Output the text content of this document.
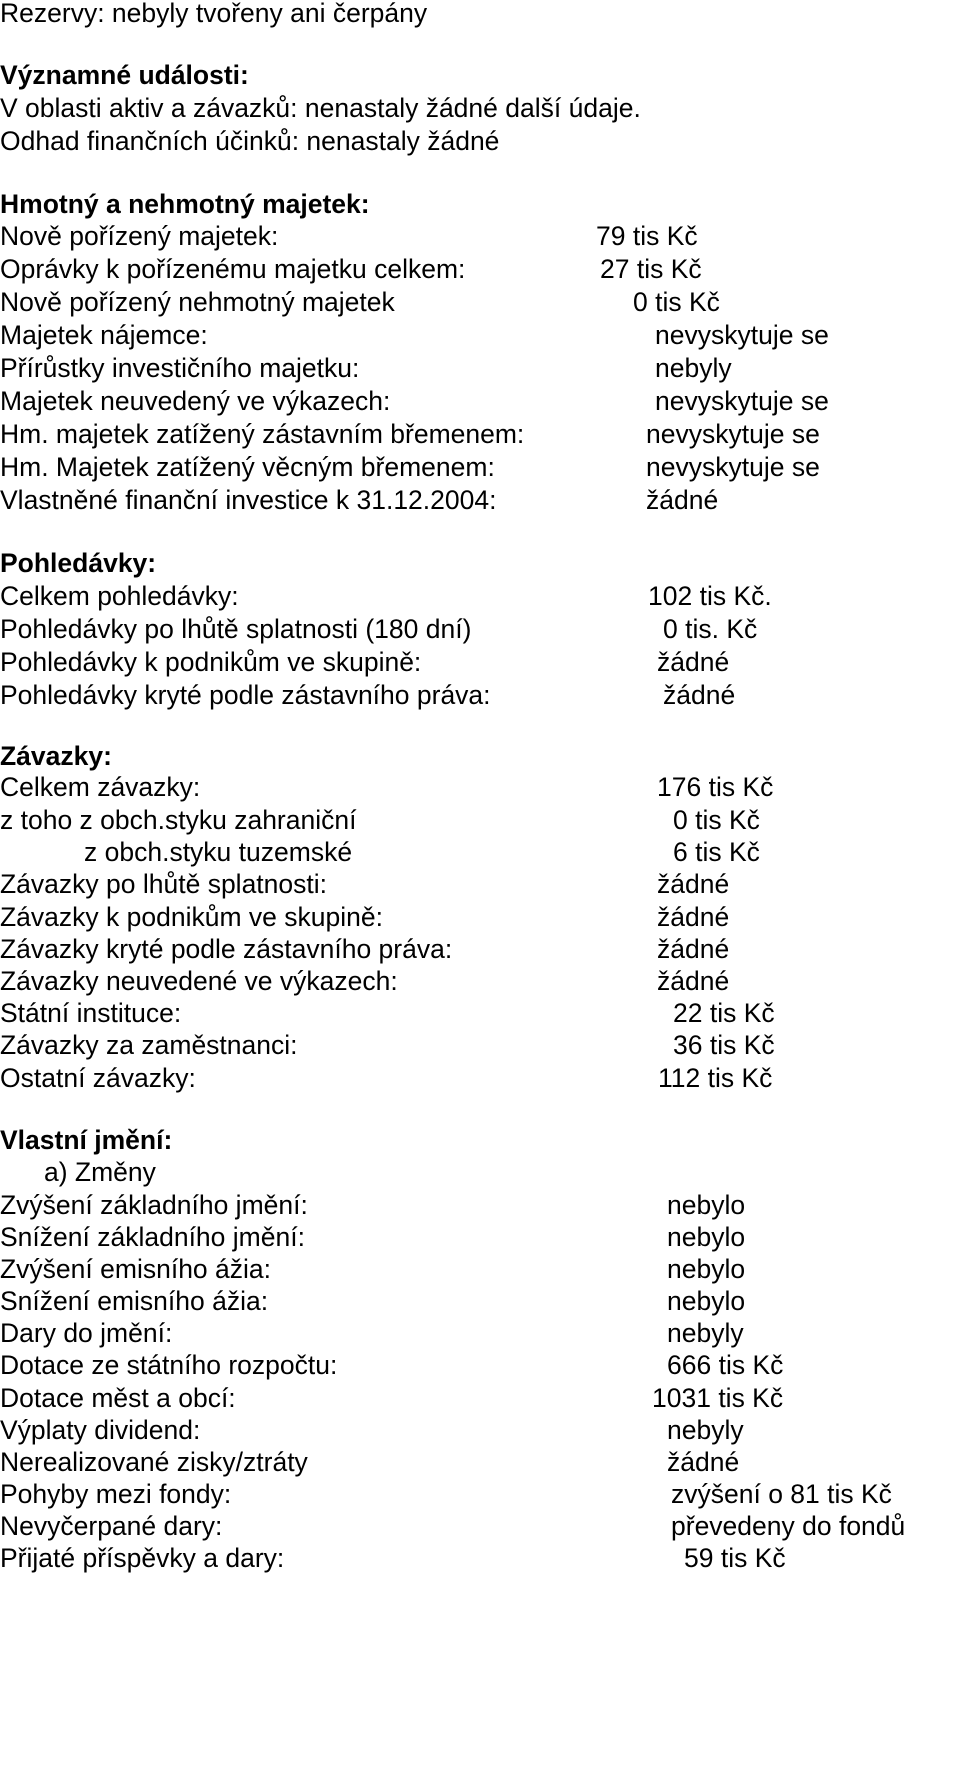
Rezervy: nebyly tvořeny ani čerpány
Významné události:
V oblasti aktiv a závazků: nenastaly žádné další údaje.
Odhad finančních účinků: nenastaly žádné
Hmotný a nehmotný majetek:
Nově pořízený majetek:	79 tis Kč
Oprávky k pořízenému majetku celkem:	27 tis Kč
Nově pořízený nehmotný majetek	0 tis Kč
Majetek nájemce:	nevyskytuje se
Přírůstky investičního majetku:	nebyly
Majetek neuvedený ve výkazech:	nevyskytuje se
Hm. majetek zatížený zástavním břemenem:	nevyskytuje se
Hm. Majetek zatížený věcným břemenem:	nevyskytuje se
Vlastněné finanční investice k 31.12.2004:	žádné
Pohledávky:
Celkem pohledávky:	102 tis Kč.
Pohledávky po lhůtě splatnosti (180 dní)	0 tis. Kč
Pohledávky k podnikům ve skupině:	žádné
Pohledávky kryté podle zástavního práva:	žádné
Závazky:
Celkem závazky:	176 tis Kč
z toho z obch.styku zahraniční	0 tis Kč
z obch.styku tuzemské	6 tis Kč
Závazky po lhůtě splatnosti:	žádné
Závazky k podnikům ve skupině:	žádné
Závazky kryté podle zástavního práva:	žádné
Závazky neuvedené ve výkazech:	žádné
Státní instituce:	22 tis Kč
Závazky za zaměstnanci:	36 tis Kč
Ostatní závazky:	112 tis Kč
Vlastní jmění:
a) Změny
Zvýšení základního jmění:	nebylo
Snížení základního jmění:	nebylo
Zvýšení emisního ážia:	nebylo
Snížení emisního ážia:	nebylo
Dary do jmění:	nebyly
Dotace ze státního rozpočtu:	666 tis Kč
Dotace měst a obcí:	1031 tis Kč
Výplaty dividend:	nebyly
Nerealizované zisky/ztráty	žádné
Pohyby mezi fondy:	zvýšení o 81 tis Kč
Nevyčerpané dary:	převedeny do fondů
Přijaté příspěvky a dary:	59 tis Kč
